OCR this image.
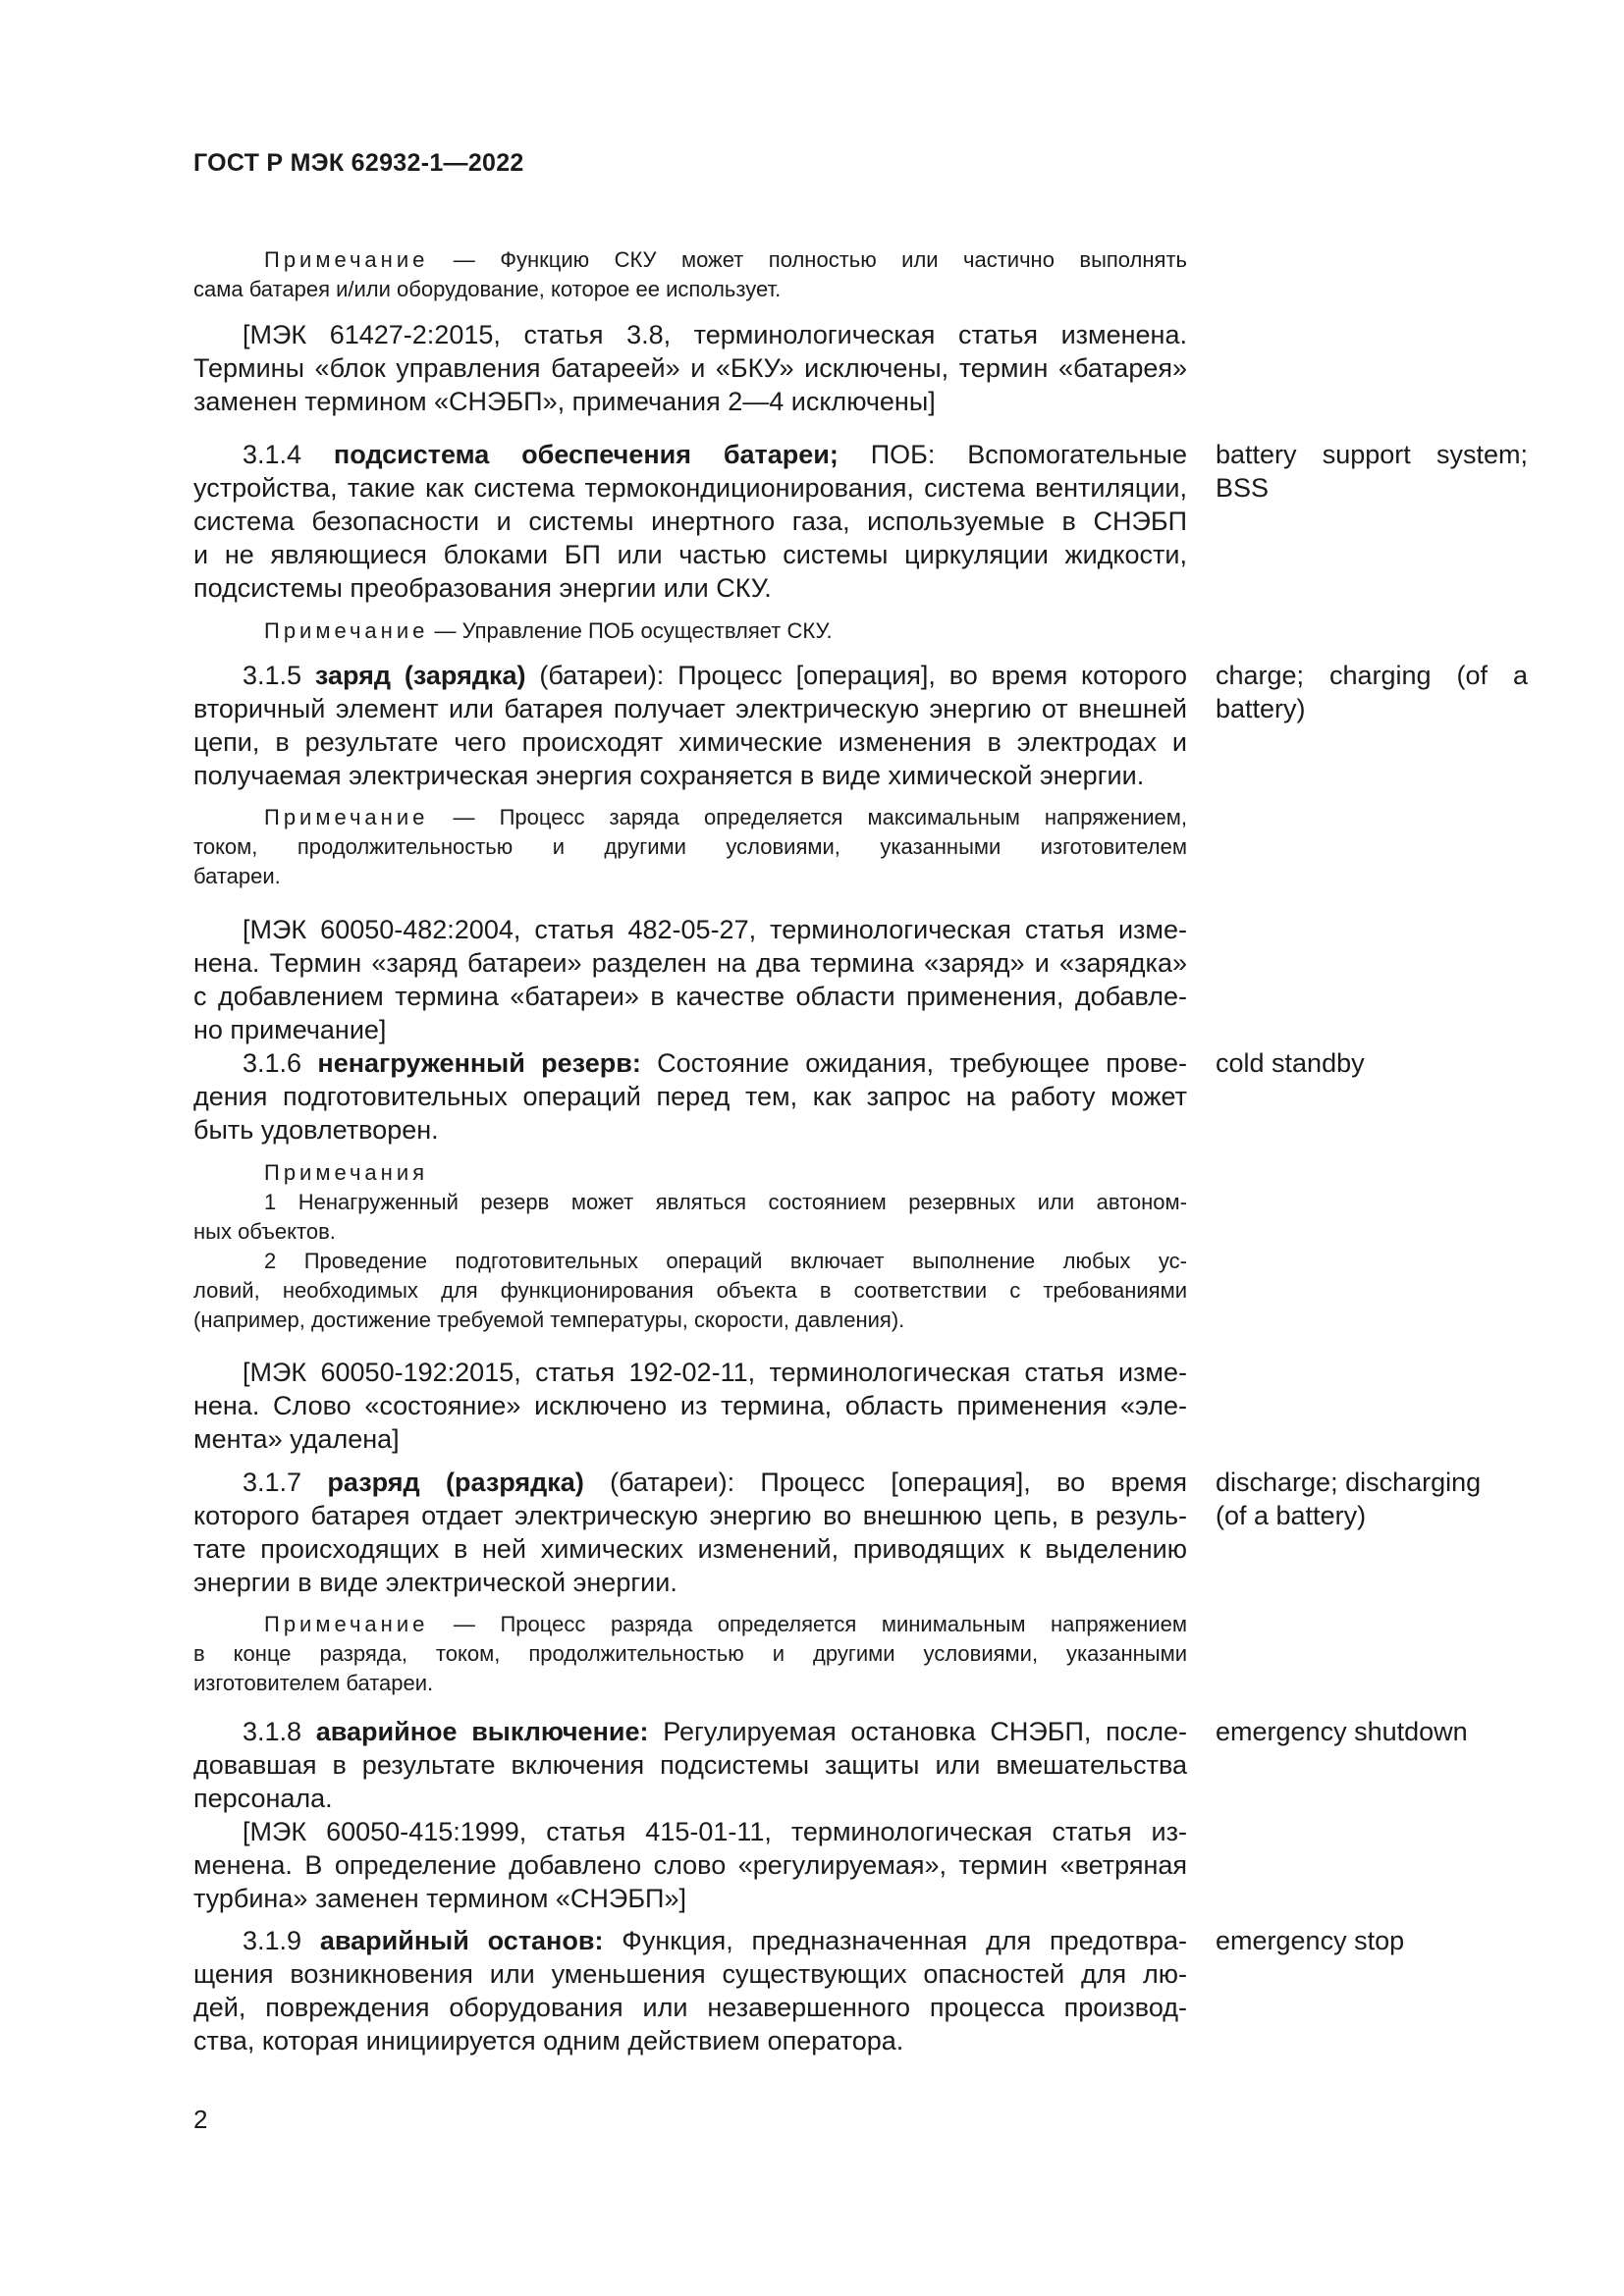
ГОСТ Р МЭК 62932-1—2022
Примечание — Функцию СКУ может полностью или частично выполнять
сама батарея и/или оборудование, которое ее использует.
[МЭК 61427-2:2015, статья 3.8, терминологическая статья изменена.
Термины «блок управления батареей» и «БКУ» исключены, термин «батарея»
заменен термином «СНЭБП», примечания 2—4 исключены]
3.1.4 подсистема обеспечения батареи; ПОБ: Вспомогательные
устройства, такие как система термокондиционирования, система вентиляции,
система безопасности и системы инертного газа, используемые в СНЭБП
и не являющиеся блоками БП или частью системы циркуляции жидкости,
подсистемы преобразования энергии или СКУ.
battery support system;
BSS
Примечание — Управление ПОБ осуществляет СКУ.
3.1.5 заряд (зарядка) (батареи): Процесс [операция], во время которого
вторичный элемент или батарея получает электрическую энергию от внешней
цепи, в результате чего происходят химические изменения в электродах и
получаемая электрическая энергия сохраняется в виде химической энергии.
charge; charging (of a
battery)
Примечание — Процесс заряда определяется максимальным напряжением,
током, продолжительностью и другими условиями, указанными изготовителем
батареи.
[МЭК 60050-482:2004, статья 482-05-27, терминологическая статья изме-
нена. Термин «заряд батареи» разделен на два термина «заряд» и «зарядка»
с добавлением термина «батареи» в качестве области применения, добавле-
но примечание]
3.1.6 ненагруженный резерв: Состояние ожидания, требующее прове-
дения подготовительных операций перед тем, как запрос на работу может
быть удовлетворен.
cold standby
Примечания
1 Ненагруженный резерв может являться состоянием резервных или автоном-
ных объектов.
2 Проведение подготовительных операций включает выполнение любых ус-
ловий, необходимых для функционирования объекта в соответствии с требованиями
(например, достижение требуемой температуры, скорости, давления).
[МЭК 60050-192:2015, статья 192-02-11, терминологическая статья изме-
нена. Слово «состояние» исключено из термина, область применения «эле-
мента» удалена]
3.1.7 разряд (разрядка) (батареи): Процесс [операция], во время
которого батарея отдает электрическую энергию во внешнюю цепь, в резуль-
тате происходящих в ней химических изменений, приводящих к выделению
энергии в виде электрической энергии.
discharge; discharging
(of a battery)
Примечание — Процесс разряда определяется минимальным напряжением
в конце разряда, током, продолжительностью и другими условиями, указанными
изготовителем батареи.
3.1.8 аварийное выключение: Регулируемая остановка СНЭБП, после-
довавшая в результате включения подсистемы защиты или вмешательства
персонала.
emergency shutdown
[МЭК 60050-415:1999, статья 415-01-11, терминологическая статья из-
менена. В определение добавлено слово «регулируемая», термин «ветряная
турбина» заменен термином «СНЭБП»]
3.1.9 аварийный останов: Функция, предназначенная для предотвра-
щения возникновения или уменьшения существующих опасностей для лю-
дей, повреждения оборудования или незавершенного процесса производ-
ства, которая инициируется одним действием оператора.
emergency stop
2
